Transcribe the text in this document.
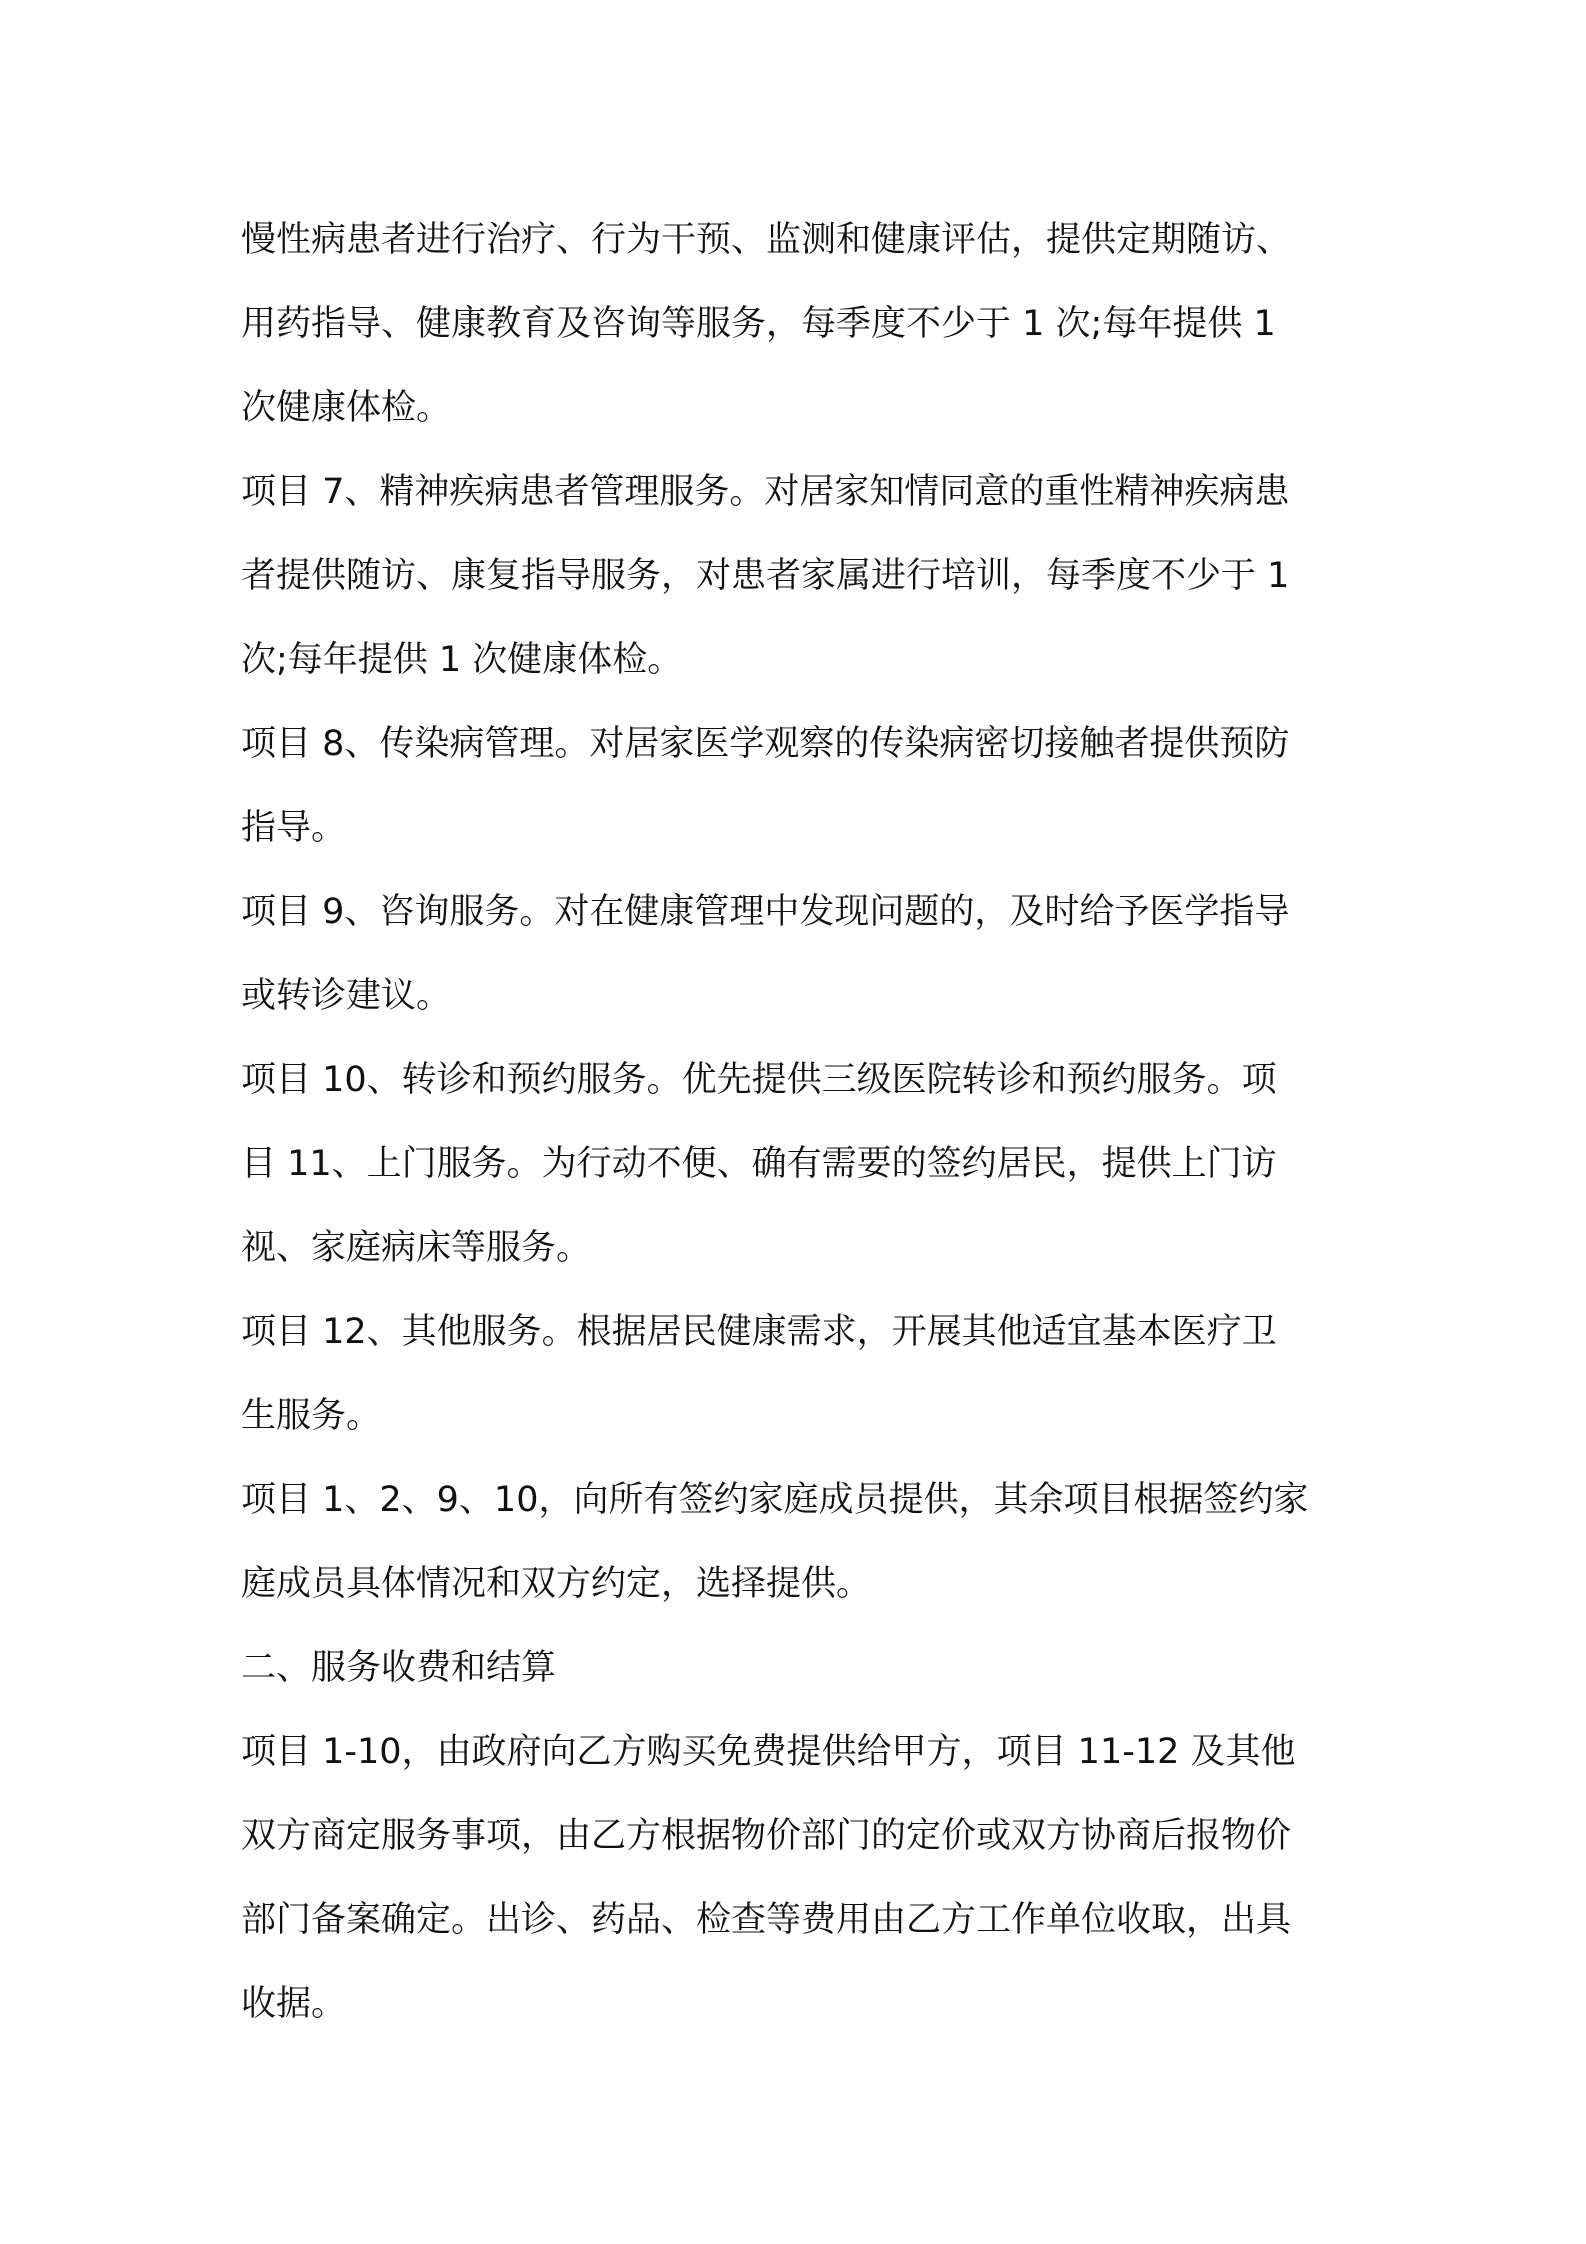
慢性病患者进行治疗、行为干预、监测和健康评估，提供定期随访、
用药指导、健康教育及咨询等服务，每季度不少于 1 次;每年提供 1
次健康体检。
项目 7、精神疾病患者管理服务。对居家知情同意的重性精神疾病患
者提供随访、康复指导服务，对患者家属进行培训，每季度不少于 1
次;每年提供 1 次健康体检。
项目 8、传染病管理。对居家医学观察的传染病密切接触者提供预防
指导。
项目 9、咨询服务。对在健康管理中发现问题的，及时给予医学指导
或转诊建议。
项目 10、转诊和预约服务。优先提供三级医院转诊和预约服务。项
目 11、上门服务。为行动不便、确有需要的签约居民，提供上门访
视、家庭病床等服务。
项目 12、其他服务。根据居民健康需求，开展其他适宜基本医疗卫
生服务。
项目 1、2、9、10，向所有签约家庭成员提供，其余项目根据签约家
庭成员具体情况和双方约定，选择提供。
二、服务收费和结算
项目 1-10，由政府向乙方购买免费提供给甲方，项目 11-12 及其他
双方商定服务事项，由乙方根据物价部门的定价或双方协商后报物价
部门备案确定。出诊、药品、检查等费用由乙方工作单位收取，出具
收据。
